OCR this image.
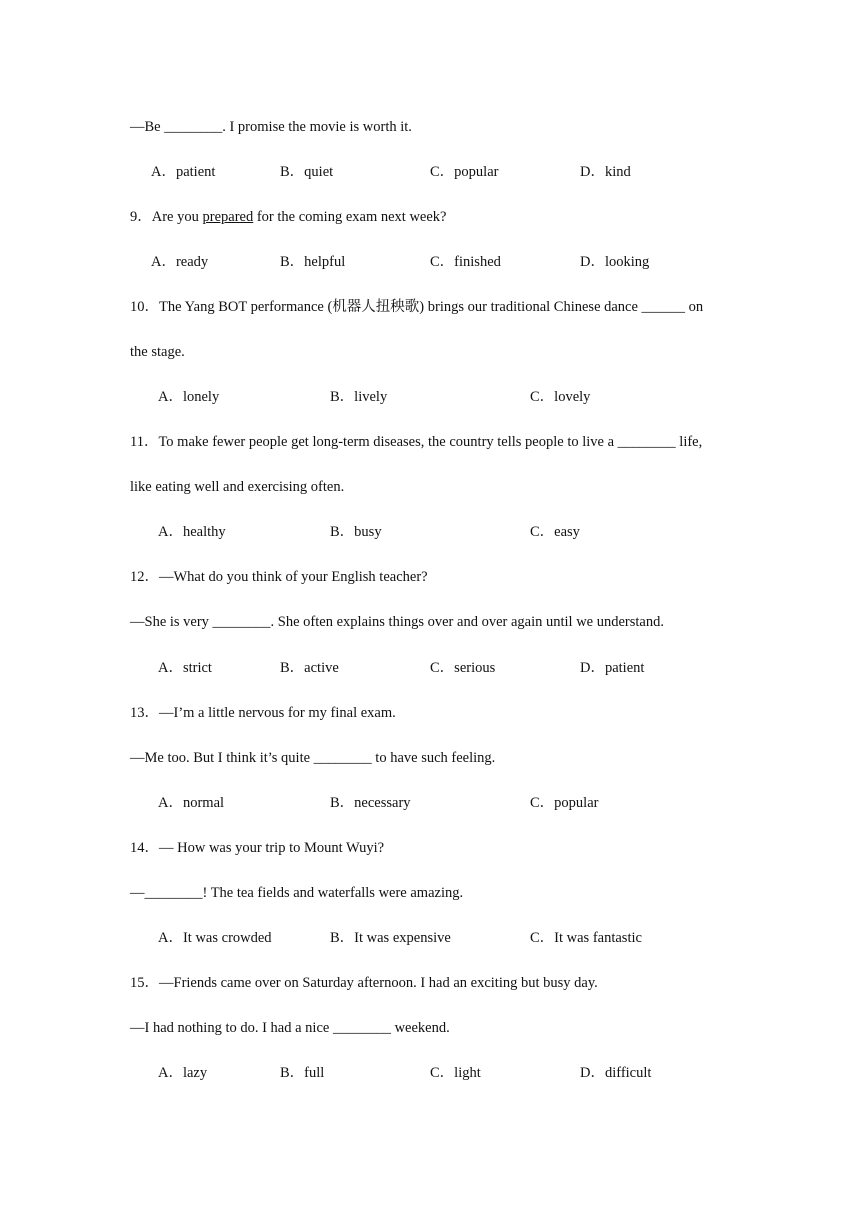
—Be ________. I promise the movie is worth it.
A．patient	B．quiet	C．popular	D．kind
9．Are you prepared for the coming exam next week?
A．ready	B．helpful	C．finished	D．looking
10．The Yang BOT performance (机器人扭秧歌) brings our traditional Chinese dance ______ on
the stage.
A．lonely	B．lively	C．lovely
11．To make fewer people get long-term diseases, the country tells people to live a ________ life,
like eating well and exercising often.
A．healthy	B．busy	C．easy
12．—What do you think of your English teacher?
—She is very ________. She often explains things over and over again until we understand.
A．strict	B．active	C．serious	D．patient
13．—I’m a little nervous for my final exam.
—Me too. But I think it’s quite ________ to have such feeling.
A．normal	B．necessary	C．popular
14．— How was your trip to Mount Wuyi?
—________! The tea fields and waterfalls were amazing.
A．It was crowded	B．It was expensive	C．It was fantastic
15．—Friends came over on Saturday afternoon. I had an exciting but busy day.
—I had nothing to do. I had a nice ________ weekend.
A．lazy	B．full	C．light	D．difficult
